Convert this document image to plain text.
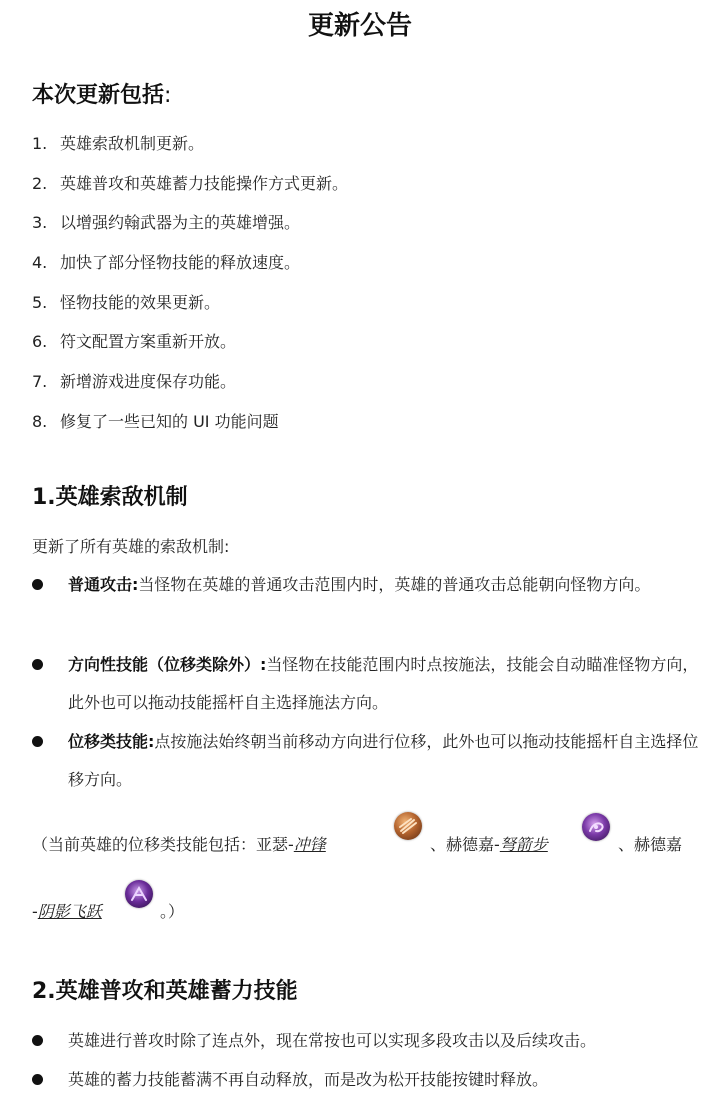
更新公告
本次更新包括:
1. 英雄索敌机制更新。
2. 英雄普攻和英雄蓄力技能操作方式更新。
3. 以增强约翰武器为主的英雄增强。
4. 加快了部分怪物技能的释放速度。
5. 怪物技能的效果更新。
6. 符文配置方案重新开放。
7. 新增游戏进度保存功能。
8. 修复了一些已知的 UI 功能问题
1.英雄索敌机制
更新了所有英雄的索敌机制:
普通攻击:当怪物在英雄的普通攻击范围内时，英雄的普通攻击总能朝向怪物方向。
方向性技能（位移类除外）:当怪物在技能范围内时点按施法，技能会自动瞄准怪物方向，此外也可以拖动技能摇杆自主选择施法方向。
位移类技能:点按施法始终朝当前移动方向进行位移，此外也可以拖动技能摇杆自主选择位移方向。
（当前英雄的位移类技能包括：亚瑟-冲锋	、赫德嘉-弩箭步	、赫德嘉
-阴影飞跃	。）
2.英雄普攻和英雄蓄力技能
英雄进行普攻时除了连点外，现在常按也可以实现多段攻击以及后续攻击。
英雄的蓄力技能蓄满不再自动释放，而是改为松开技能按键时释放。
